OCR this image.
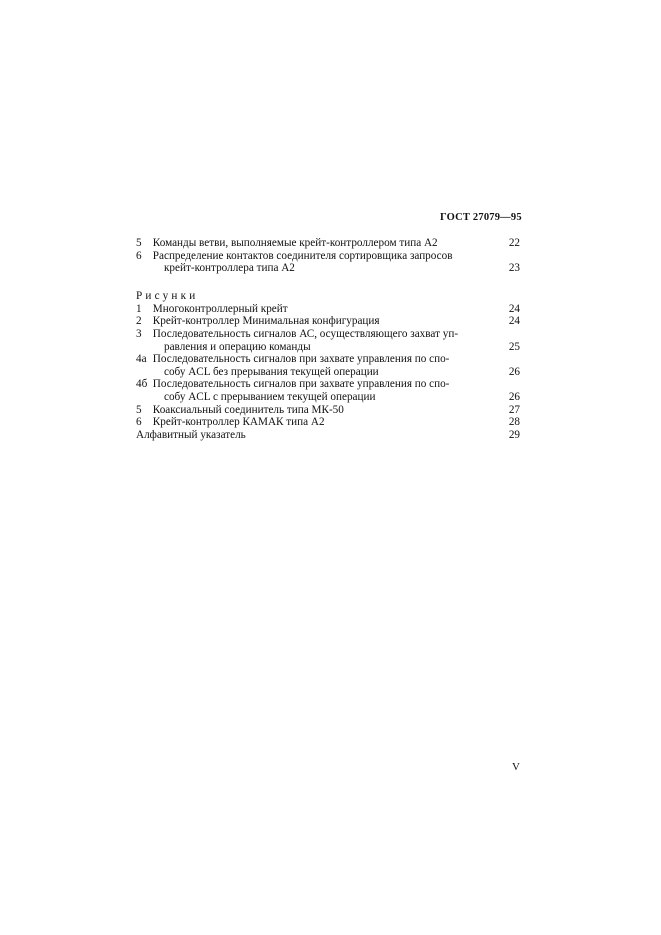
ГОСТ 27079—95
5 Команды ветви, выполняемые крейт-контроллером типа А2	22
6 Распределение контактов соединителя сортировщика запросов
крейт-контроллера типа А2	23
Рисунки
1 Многоконтроллерный крейт	24
2 Крейт-контроллер Минимальная конфигурация	24
3 Последовательность сигналов АС, осуществляющего захват уп-
равления и операцию команды	25
4а Последовательность сигналов при захвате управления по спо-
собу ACL без прерывания текущей операции	26
4б Последовательность сигналов при захвате управления по спо-
собу ACL с прерыванием текущей операции	26
5 Коаксиальный соединитель типа МК-50	27
6 Крейт-контроллер КАМАК типа А2	28
Алфавитный указатель	29
V
